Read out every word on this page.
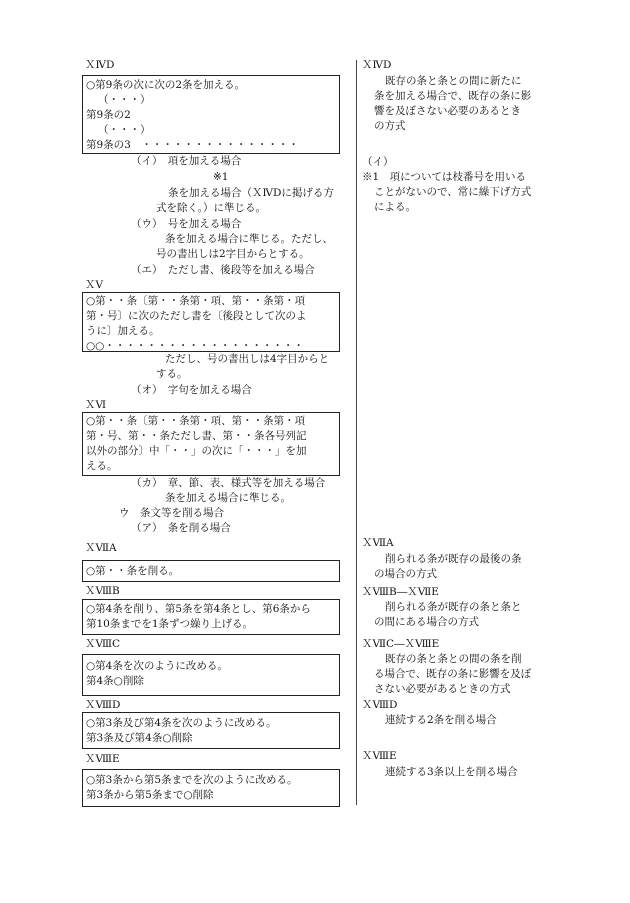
ＸⅣD
○第9条の次に次の2条を加える。
（・・・）
第9条の2
（・・・）
第9条の3　・・・・・・・・・・・・・・・
（イ）　項を加える場合
※1
条を加える場合（ＸⅣDに掲げる方
式を除く。）に準じる。
（ウ）　号を加える場合
条を加える場合に準じる。ただし、
号の書出しは2字目からとする。
（エ）　ただし書、後段等を加える場合
ＸⅤ
○第・・条〔第・・条第・項、第・・条第・項
第・号〕に次のただし書を〔後段として次のよ
うに〕加える。
○○・・・・・・・・・・・・・・・・・・・
ただし、号の書出しは4字目からと
する。
（オ）　字句を加える場合
ＸⅥ
○第・・条〔第・・条第・項、第・・条第・項
第・号、第・・条ただし書、第・・条各号列記
以外の部分〕中「・・」の次に「・・・」を加
える。
（カ）　章、節、表、様式等を加える場合
条を加える場合に準じる。
ウ　条文等を削る場合
（ア）　条を削る場合
ＸⅦA
○第・・条を削る。
ＸⅧB
○第4条を削り、第5条を第4条とし、第6条から
第10条までを1条ずつ繰り上げる。
ＸⅧC
○第4条を次のように改める。
第4条○削除
ＸⅧD
○第3条及び第4条を次のように改める。
第3条及び第4条○削除
ＸⅧE
○第3条から第5条までを次のように改める。
第3条から第5条まで○削除
ＸⅣD
既存の条と条との間に新たに
条を加える場合で、既存の条に影
響を及ぼさない必要のあるとき
の方式
（イ）
※1　項については枝番号を用いる
ことがないので、常に繰下げ方式
による。
ＸⅦA
削られる条が既存の最後の条
の場合の方式
ＸⅧB―ＸⅦE
削られる条が既存の条と条と
の間にある場合の方式
ＸⅦC―ＸⅧE
既存の条と条との間の条を削
る場合で、既存の条に影響を及ぼ
さない必要があるときの方式
ＸⅧD
連続する2条を削る場合
ＸⅧE
連続する3条以上を削る場合
